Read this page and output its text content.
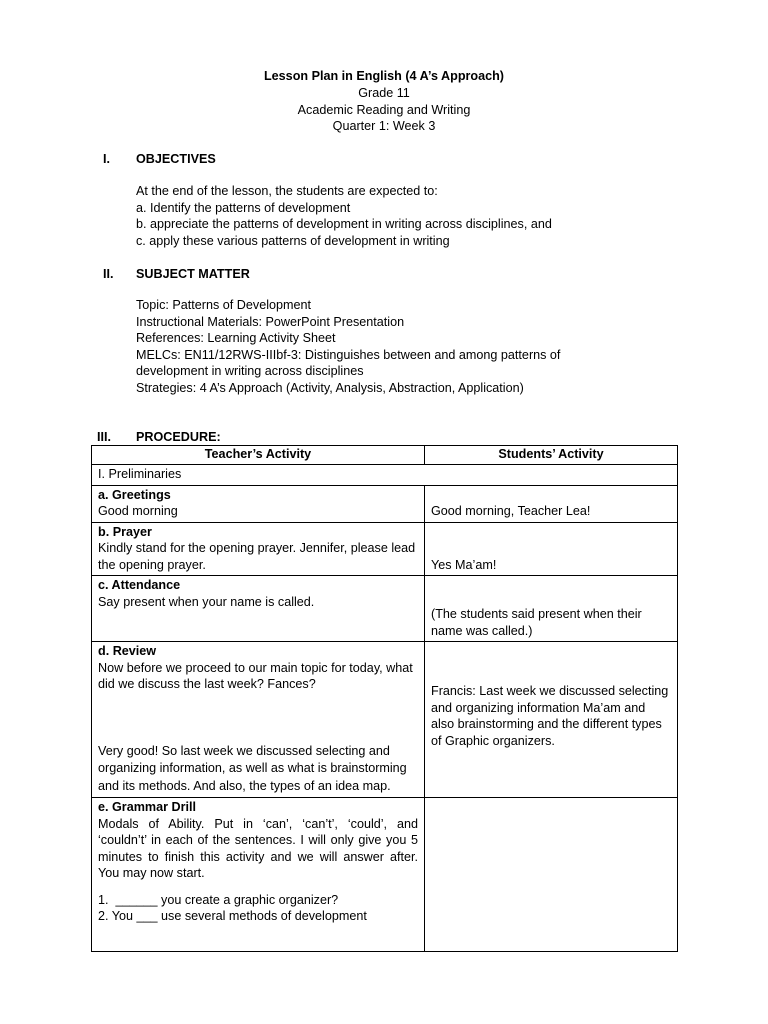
Lesson Plan in English (4 A’s Approach)
Grade 11
Academic Reading and Writing
Quarter 1: Week 3
I. OBJECTIVES
At the end of the lesson, the students are expected to:
a. Identify the patterns of development
b. appreciate the patterns of development in writing across disciplines, and
c. apply these various patterns of development in writing
II. SUBJECT MATTER
Topic: Patterns of Development
Instructional Materials: PowerPoint Presentation
References: Learning Activity Sheet
MELCs: EN11/12RWS-IIIbf-3: Distinguishes between and among patterns of
development in writing across disciplines
Strategies: 4 A’s Approach (Activity, Analysis, Abstraction, Application)
III. PROCEDURE:
Teacher’s Activity	Students’ Activity
I. Preliminaries	

a. Greetings
Good morning	Good morning, Teacher Lea!

b. Prayer
Kindly stand for the opening prayer. Jennifer, please lead the opening prayer.	Yes Ma’am!

c. Attendance
Say present when your name is called.	(The students said present when their name was called.)

d. Review
Now before we proceed to our main topic for today, what did we discuss the last week? Fances?
Very good! So last week we discussed selecting and organizing information, as well as what is brainstorming and its methods. And also, the types of an idea map.	Francis: Last week we discussed selecting and organizing information Ma’am and also brainstorming and the different types of Graphic organizers.

e. Grammar Drill
Modals of Ability. Put in ‘can’, ‘can’t’, ‘could’, and ‘couldn’t’ in each of the sentences. I will only give you 5 minutes to finish this activity and we will answer after. You may now start.
1.  ______ you create a graphic organizer?
2. You ___ use several methods of development	
